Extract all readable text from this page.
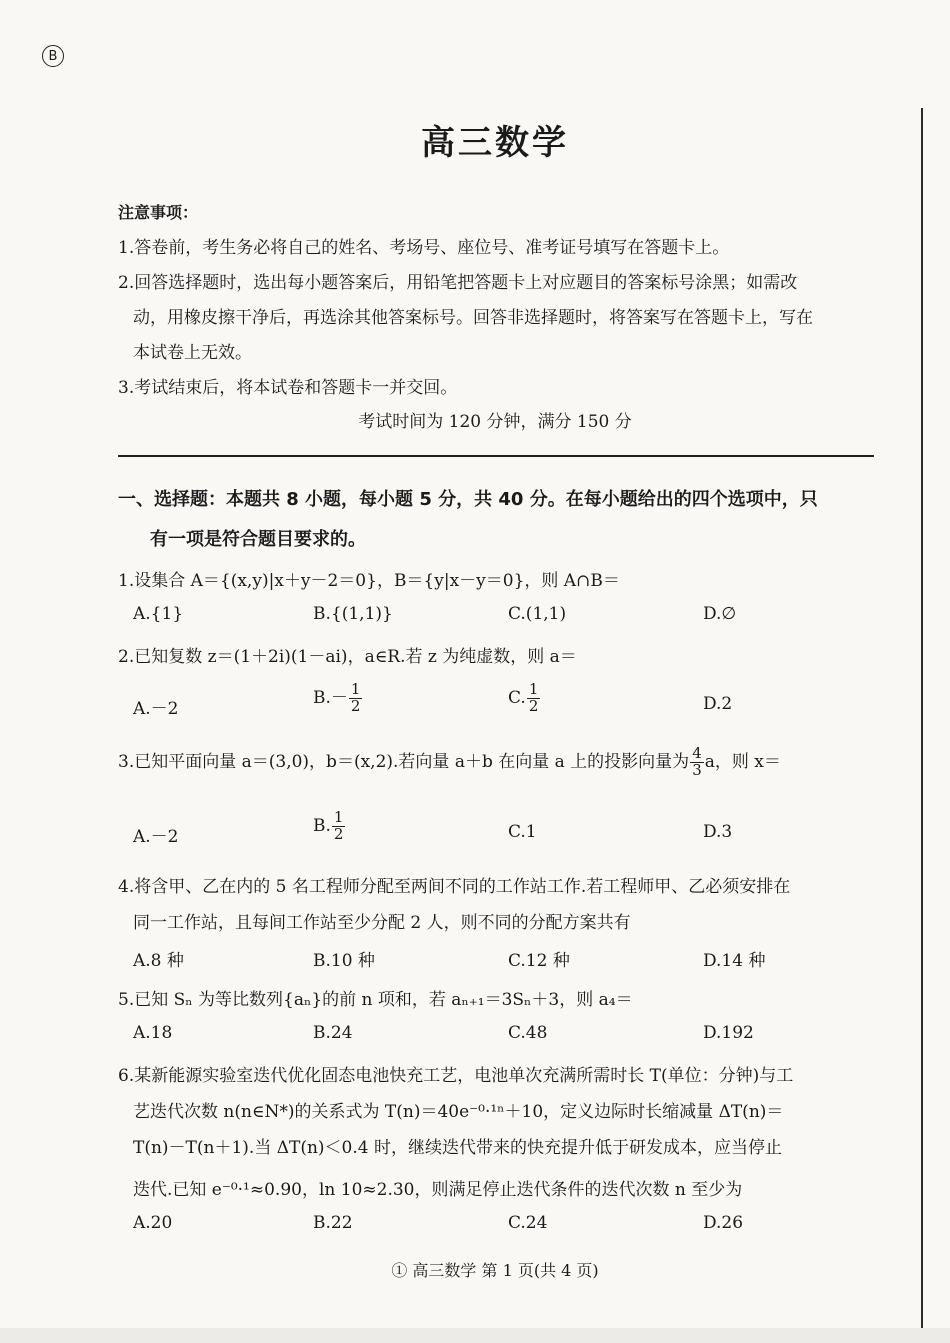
B
高三数学
注意事项：
1.答卷前，考生务必将自己的姓名、考场号、座位号、准考证号填写在答题卡上。
2.回答选择题时，选出每小题答案后，用铅笔把答题卡上对应题目的答案标号涂黑；如需改
动，用橡皮擦干净后，再选涂其他答案标号。回答非选择题时，将答案写在答题卡上，写在
本试卷上无效。
3.考试结束后，将本试卷和答题卡一并交回。
考试时间为 120 分钟，满分 150 分
一、选择题：本题共 8 小题，每小题 5 分，共 40 分。在每小题给出的四个选项中，只
有一项是符合题目要求的。
1.设集合 A＝{(x,y)|x＋y－2＝0}，B＝{y|x－y＝0}，则 A∩B＝
A.{1}	B.{(1,1)}	C.(1,1)	D.∅
2.已知复数 z＝(1＋2i)(1－ai)，a∈R.若 z 为纯虚数，则 a＝
A.－2
$B.- \frac{1}{2}$	C. $\frac{1}{2}$	D.2
3.已知平面向量 a＝(3,0)，b＝(x,2).若向量 a＋b 在向量 a 上的投影向量为 $\frac{4}{3}$ a，则 x＝
A.－2
B. $\frac{1}{2}$	C.1	D.3
4.将含甲、乙在内的 5 名工程师分配至两间不同的工作站工作.若工程师甲、乙必须安排在
同一工作站，且每间工作站至少分配 2 人，则不同的分配方案共有
A.8 种	B.10 种	C.12 种	D.14 种
5.已知 Sₙ 为等比数列{aₙ}的前 n 项和，若 aₙ₊₁＝3Sₙ＋3，则 a₄＝
A.18	B.24	C.48	D.192
6.某新能源实验室迭代优化固态电池快充工艺，电池单次充满所需时长 T(单位：分钟)与工
艺迭代次数 n(n∈N*)的关系式为 T(n)＝40e⁻⁰·¹ⁿ＋10，定义边际时长缩减量 ΔT(n)＝
T(n)－T(n＋1).当 ΔT(n)＜0.4 时，继续迭代带来的快充提升低于研发成本，应当停止
迭代.已知 e⁻⁰·¹≈0.90，ln 10≈2.30，则满足停止迭代条件的迭代次数 n 至少为
A.20	B.22	C.24	D.26
① 高三数学 第 1 页(共 4 页)
